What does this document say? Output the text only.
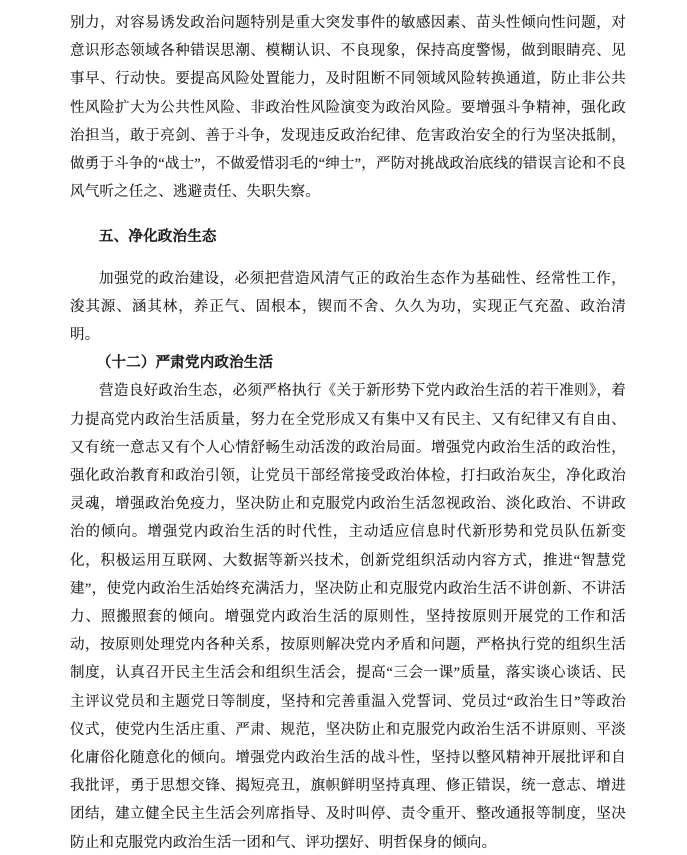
别力，对容易诱发政治问题特别是重大突发事件的敏感因素、苗头性倾向性问题，对意识形态领域各种错误思潮、模糊认识、不良现象，保持高度警惕，做到眼睛亮、见事早、行动快。要提高风险处置能力，及时阻断不同领域风险转换通道，防止非公共性风险扩大为公共性风险、非政治性风险演变为政治风险。要增强斗争精神，强化政治担当，敢于亮剑、善于斗争，发现违反政治纪律、危害政治安全的行为坚决抵制，做勇于斗争的“战士”，不做爱惜羽毛的“绅士”，严防对挑战政治底线的错误言论和不良风气听之任之、逃避责任、失职失察。

五、净化政治生态

加强党的政治建设，必须把营造风清气正的政治生态作为基础性、经常性工作，浚其源、涵其林，养正气、固根本，锲而不舍、久久为功，实现正气充盈、政治清明。

（十二）严肃党内政治生活

营造良好政治生态，必须严格执行《关于新形势下党内政治生活的若干准则》，着力提高党内政治生活质量，努力在全党形成又有集中又有民主、又有纪律又有自由、又有统一意志又有个人心情舒畅生动活泼的政治局面。增强党内政治生活的政治性，强化政治教育和政治引领，让党员干部经常接受政治体检，打扫政治灰尘，净化政治灵魂，增强政治免疫力，坚决防止和克服党内政治生活忽视政治、淡化政治、不讲政治的倾向。增强党内政治生活的时代性，主动适应信息时代新形势和党员队伍新变化，积极运用互联网、大数据等新兴技术，创新党组织活动内容方式，推进“智慧党建”，使党内政治生活始终充满活力，坚决防止和克服党内政治生活不讲创新、不讲活力、照搬照套的倾向。增强党内政治生活的原则性，坚持按原则开展党的工作和活动，按原则处理党内各种关系，按原则解决党内矛盾和问题，严格执行党的组织生活制度，认真召开民主生活会和组织生活会，提高“三会一课”质量，落实谈心谈话、民主评议党员和主题党日等制度，坚持和完善重温入党誓词、党员过“政治生日”等政治仪式，使党内生活庄重、严肃、规范，坚决防止和克服党内政治生活不讲原则、平淡化庸俗化随意化的倾向。增强党内政治生活的战斗性，坚持以整风精神开展批评和自我批评，勇于思想交锋、揭短亮丑，旗帜鲜明坚持真理、修正错误，统一意志、增进团结，建立健全民主生活会列席指导、及时叫停、责令重开、整改通报等制度，坚决防止和克服党内政治生活一团和气、评功摆好、明哲保身的倾向。
